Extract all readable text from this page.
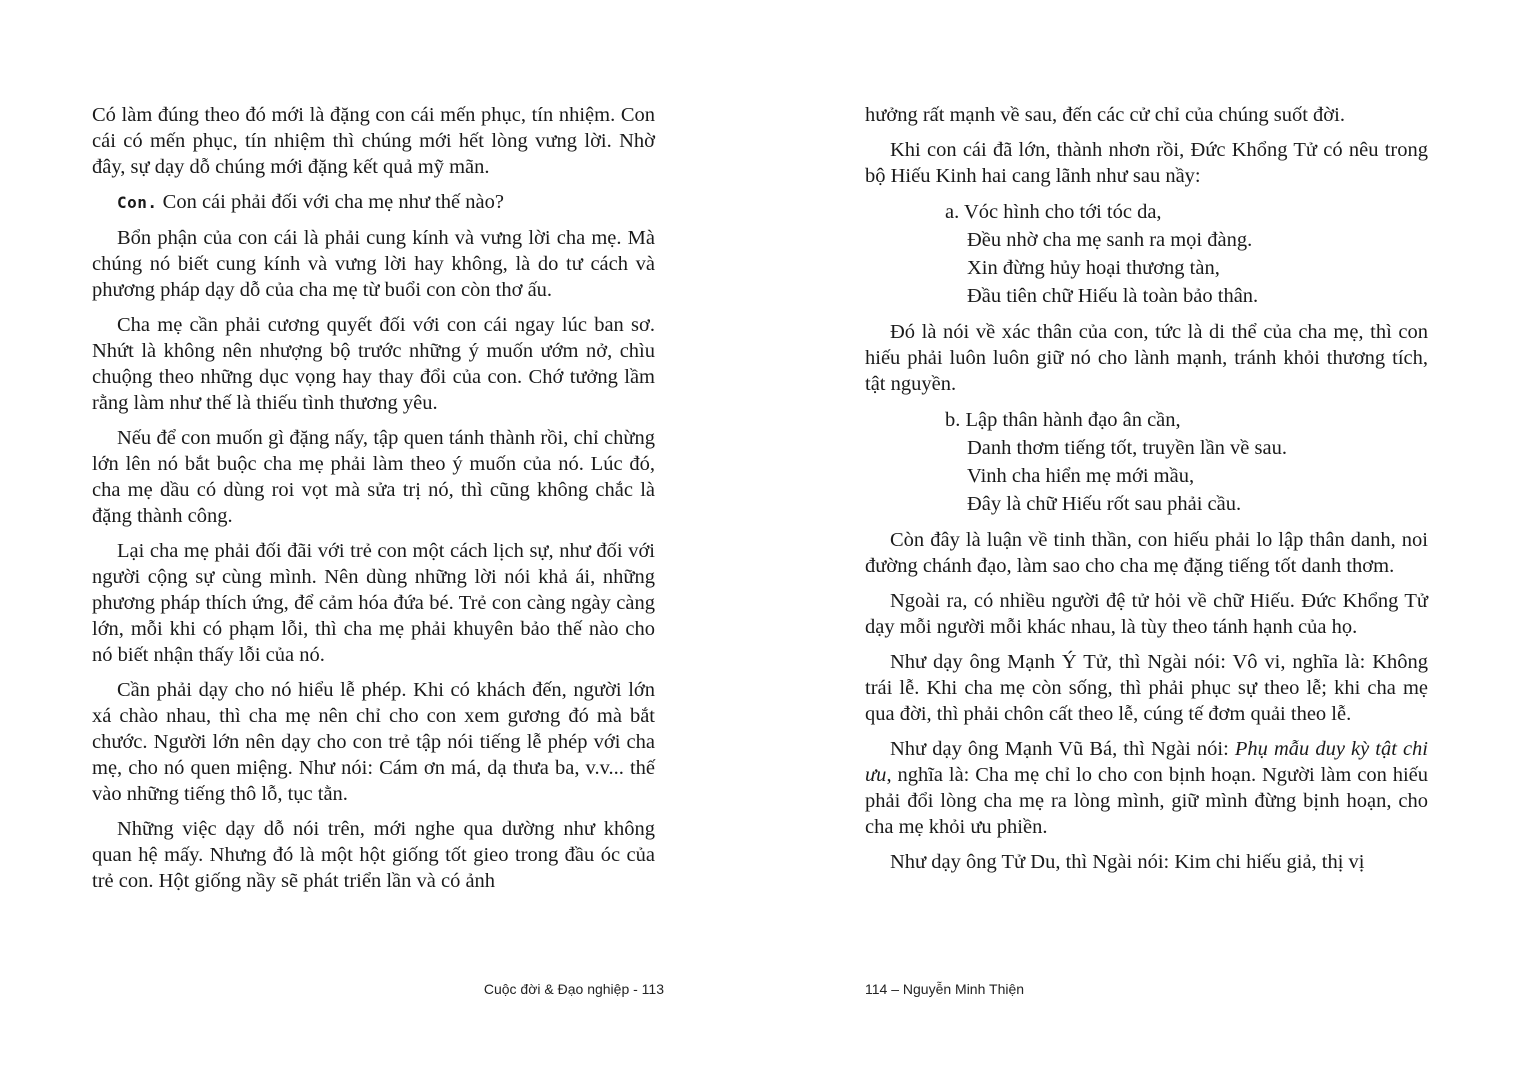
Có làm đúng theo đó mới là đặng con cái mến phục, tín nhiệm. Con cái có mến phục, tín nhiệm thì chúng mới hết lòng vưng lời. Nhờ đây, sự dạy dỗ chúng mới đặng kết quả mỹ mãn.

Con. Con cái phải đối với cha mẹ như thế nào?

Bổn phận của con cái là phải cung kính và vưng lời cha mẹ. Mà chúng nó biết cung kính và vưng lời hay không, là do tư cách và phương pháp dạy dỗ của cha mẹ từ buổi con còn thơ ấu.

Cha mẹ cần phải cương quyết đối với con cái ngay lúc ban sơ. Nhứt là không nên nhượng bộ trước những ý muốn ướm nở, chìu chuộng theo những dục vọng hay thay đổi của con. Chớ tưởng lầm rằng làm như thế là thiếu tình thương yêu.

Nếu để con muốn gì đặng nấy, tập quen tánh thành rồi, chỉ chừng lớn lên nó bắt buộc cha mẹ phải làm theo ý muốn của nó. Lúc đó, cha mẹ dầu có dùng roi vọt mà sửa trị nó, thì cũng không chắc là đặng thành công.

Lại cha mẹ phải đối đãi với trẻ con một cách lịch sự, như đối với người cộng sự cùng mình. Nên dùng những lời nói khả ái, những phương pháp thích ứng, để cảm hóa đứa bé. Trẻ con càng ngày càng lớn, mỗi khi có phạm lỗi, thì cha mẹ phải khuyên bảo thế nào cho nó biết nhận thấy lỗi của nó.

Cần phải dạy cho nó hiểu lễ phép. Khi có khách đến, người lớn xá chào nhau, thì cha mẹ nên chỉ cho con xem gương đó mà bắt chước. Người lớn nên dạy cho con trẻ tập nói tiếng lễ phép với cha mẹ, cho nó quen miệng. Như nói: Cám ơn má, dạ thưa ba, v.v... thế vào những tiếng thô lỗ, tục tằn.

Những việc dạy dỗ nói trên, mới nghe qua dường như không quan hệ mấy. Nhưng đó là một hột giống tốt gieo trong đầu óc của trẻ con. Hột giống nầy sẽ phát triển lần và có ảnh

hưởng rất mạnh về sau, đến các cử chỉ của chúng suốt đời.

Khi con cái đã lớn, thành nhơn rồi, Đức Khổng Tử có nêu trong bộ Hiếu Kinh hai cang lãnh như sau nầy:

a. Vóc hình cho tới tóc da,
Đều nhờ cha mẹ sanh ra mọi đàng.
Xin đừng hủy hoại thương tàn,
Đầu tiên chữ Hiếu là toàn bảo thân.

Đó là nói về xác thân của con, tức là di thể của cha mẹ, thì con hiếu phải luôn luôn giữ nó cho lành mạnh, tránh khỏi thương tích, tật nguyền.

b. Lập thân hành đạo ân cần,
Danh thơm tiếng tốt, truyền lần về sau.
Vinh cha hiển mẹ mới mầu,
Đây là chữ Hiếu rốt sau phải cầu.

Còn đây là luận về tinh thần, con hiếu phải lo lập thân danh, noi đường chánh đạo, làm sao cho cha mẹ đặng tiếng tốt danh thơm.

Ngoài ra, có nhiều người đệ tử hỏi về chữ Hiếu. Đức Khổng Tử dạy mỗi người mỗi khác nhau, là tùy theo tánh hạnh của họ.

Như dạy ông Mạnh Ý Tử, thì Ngài nói: Vô vi, nghĩa là: Không trái lễ. Khi cha mẹ còn sống, thì phải phục sự theo lễ; khi cha mẹ qua đời, thì phải chôn cất theo lễ, cúng tế đơm quải theo lễ.

Như dạy ông Mạnh Vũ Bá, thì Ngài nói: Phụ mẫu duy kỳ tật chi ưu, nghĩa là: Cha mẹ chỉ lo cho con bịnh hoạn. Người làm con hiếu phải đổi lòng cha mẹ ra lòng mình, giữ mình đừng bịnh hoạn, cho cha mẹ khỏi ưu phiền.

Như dạy ông Tử Du, thì Ngài nói: Kim chi hiếu giả, thị vị

Cuộc đời & Đạo nghiệp - 113	114 – Nguyễn Minh Thiện
